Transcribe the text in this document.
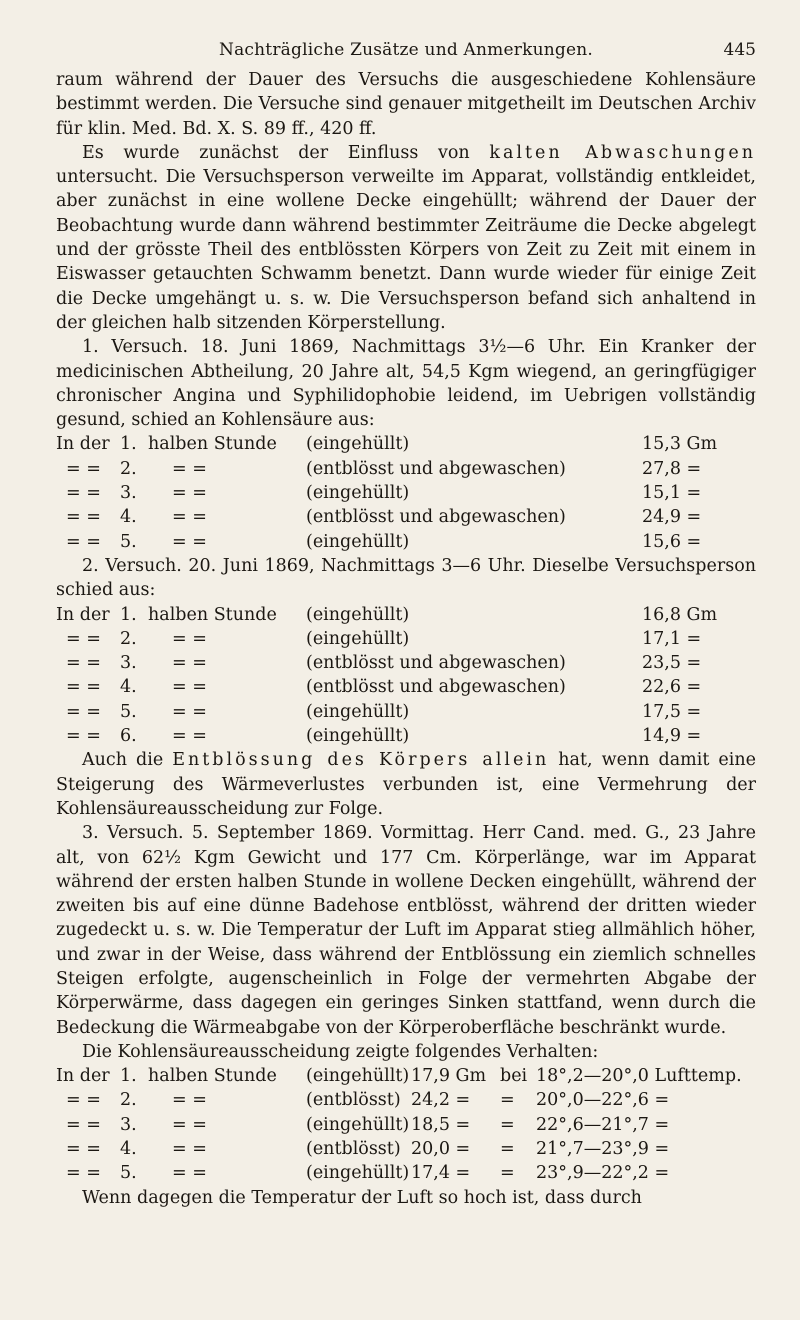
Nachträgliche Zusätze und Anmerkungen.	445

raum während der Dauer des Versuchs die ausgeschiedene Kohlensäure bestimmt werden. Die Versuche sind genauer mitgetheilt im Deutschen Archiv für klin. Med. Bd. X. S. 89 ff., 420 ff.

Es wurde zunächst der Einfluss von kalten Abwaschungen untersucht. Die Versuchsperson verweilte im Apparat, vollständig entkleidet, aber zunächst in eine wollene Decke eingehüllt; während der Dauer der Beobachtung wurde dann während bestimmter Zeiträume die Decke abgelegt und der grösste Theil des entblössten Körpers von Zeit zu Zeit mit einem in Eiswasser getauchten Schwamm benetzt. Dann wurde wieder für einige Zeit die Decke umgehängt u. s. w. Die Versuchsperson befand sich anhaltend in der gleichen halb sitzenden Körperstellung.

1. Versuch. 18. Juni 1869, Nachmittags 3½—6 Uhr. Ein Kranker der medicinischen Abtheilung, 20 Jahre alt, 54,5 Kgm wiegend, an geringfügiger chronischer Angina und Syphilidophobie leidend, im Uebrigen vollständig gesund, schied an Kohlensäure aus:

In der 1. halben Stunde (eingehüllt)	15,3 Gm
= = 2. = =	(entblösst und abgewaschen)	27,8 =
= = 3. = =	(eingehüllt)	15,1 =
= = 4. = =	(entblösst und abgewaschen)	24,9 =
= = 5. = =	(eingehüllt)	15,6 =

2. Versuch. 20. Juni 1869, Nachmittags 3—6 Uhr. Dieselbe Versuchsperson schied aus:

In der 1. halben Stunde (eingehüllt)	16,8 Gm
= = 2. = =	(eingehüllt)	17,1 =
= = 3. = =	(entblösst und abgewaschen)	23,5 =
= = 4. = =	(entblösst und abgewaschen)	22,6 =
= = 5. = =	(eingehüllt)	17,5 =
= = 6. = =	(eingehüllt)	14,9 =

Auch die Entblössung des Körpers allein hat, wenn damit eine Steigerung des Wärmeverlustes verbunden ist, eine Vermehrung der Kohlensäureausscheidung zur Folge.

3. Versuch. 5. September 1869. Vormittag. Herr Cand. med. G., 23 Jahre alt, von 62½ Kgm Gewicht und 177 Cm. Körperlänge, war im Apparat während der ersten halben Stunde in wollene Decken eingehüllt, während der zweiten bis auf eine dünne Badehose entblösst, während der dritten wieder zugedeckt u. s. w. Die Temperatur der Luft im Apparat stieg allmählich höher, und zwar in der Weise, dass während der Entblössung ein ziemlich schnelles Steigen erfolgte, augenscheinlich in Folge der vermehrten Abgabe der Körperwärme, dass dagegen ein geringes Sinken stattfand, wenn durch die Bedeckung die Wärmeabgabe von der Körperoberfläche beschränkt wurde.

Die Kohlensäureausscheidung zeigte folgendes Verhalten:

In der 1. halben Stunde (eingehüllt) 17,9 Gm bei 18°,2—20°,0 Lufttemp.
= = 2. = =	(entblösst) 24,2 = = 20°,0—22°,6 =
= = 3. = =	(eingehüllt) 18,5 = = 22°,6—21°,7 =
= = 4. = =	(entblösst) 20,0 = = 21°,7—23°,9 =
= = 5. = =	(eingehüllt) 17,4 = = 23°,9—22°,2 =

Wenn dagegen die Temperatur der Luft so hoch ist, dass durch
